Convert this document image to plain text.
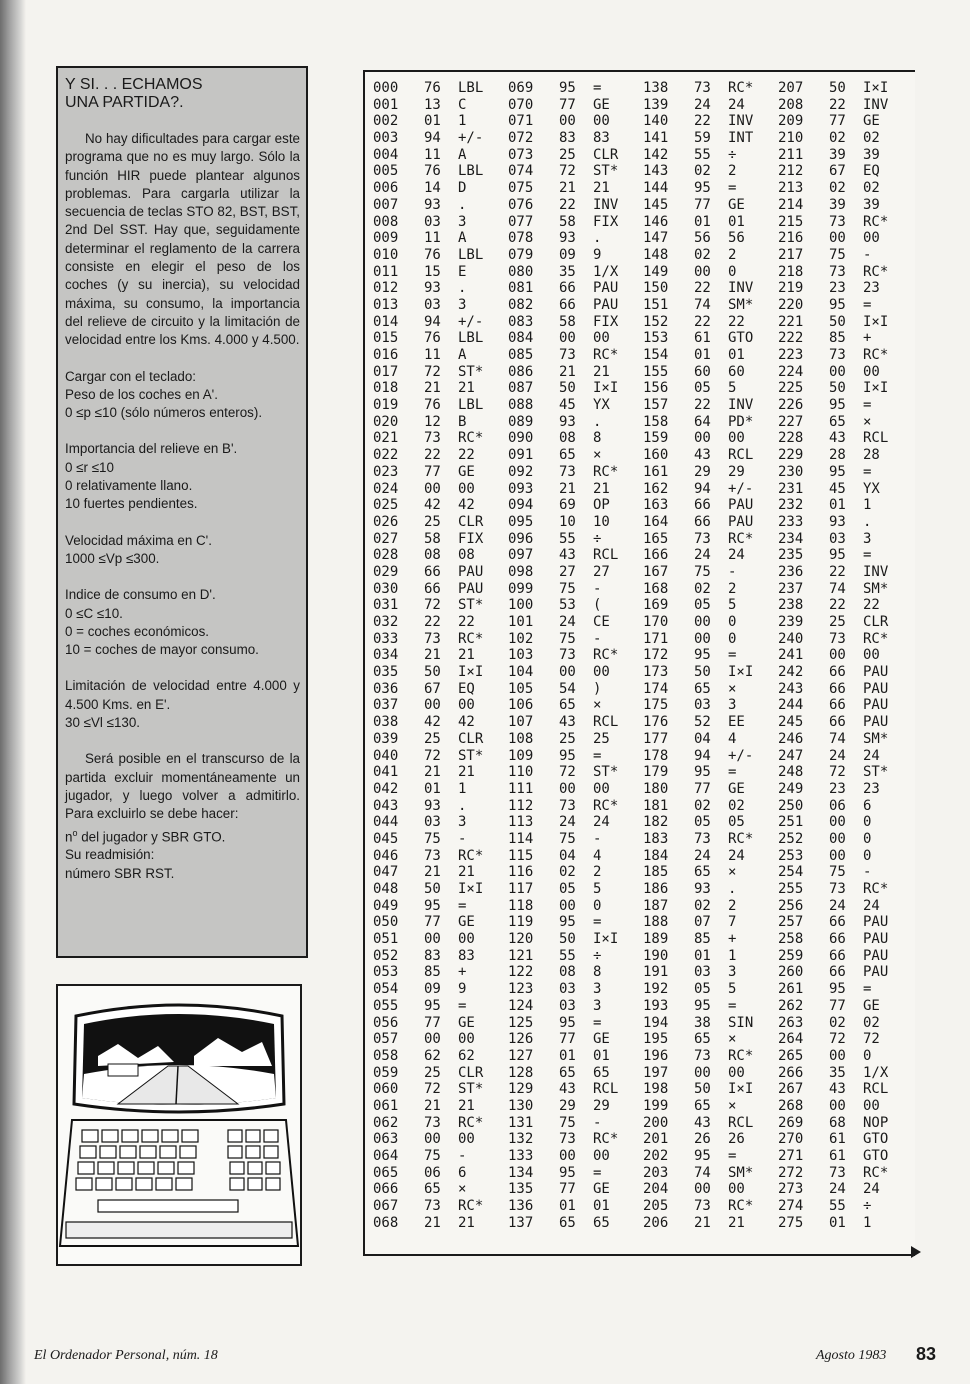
Y SI. . . ECHAMOS
UNA PARTIDA?.

No hay dificultades para cargar este programa que no es muy largo. Sólo la función HIR puede plantear algunos problemas. Para cargarla utilizar la secuencia de teclas STO 82, BST, BST, 2nd Del SST. Hay que, seguidamente determinar el reglamento de la carrera consiste en elegir el peso de los coches (y su inercia), su velocidad máxima, su consumo, la importancia del relieve de circuito y la limitación de velocidad entre los Kms. 4.000 y 4.500.

Cargar con el teclado:
Peso de los coches en A'.
0 ≤p ≤10 (sólo números enteros).

Importancia del relieve en B'.
0 ≤r ≤10
0 relativamente llano.
10 fuertes pendientes.

Velocidad máxima en C'.
1000 ≤Vp ≤300.

Indice de consumo en D'.
0 ≤C ≤10.
0 = coches económicos.
10 = coches de mayor consumo.

Limitación de velocidad entre 4.000 y 4.500 Kms. en E'.
30 ≤Vl ≤130.

Será posible en el transcurso de la partida excluir momentáneamente un jugador, y luego volver a admitirlo. Para excluirlo se debe hacer:
$n^o$ del jugador y SBR GTO.
Su readmisión:
número SBR RST.

000 76 LBL
001 13 C
002 01 1
003 94 +/-
004 11 A
005 76 LBL
006 14 D
007 93 .
008 03 3
009 11 A
010 76 LBL
011 15 E
012 93 .
013 03 3
014 94 +/-
015 76 LBL
016 11 A
017 72 ST*
018 21 21
019 76 LBL
020 12 B
021 73 RC*
022 22 22
023 77 GE
024 00 00
025 42 42
026 25 CLR
027 58 FIX
028 08 08
029 66 PAU
030 66 PAU
031 72 ST*
032 22 22
033 73 RC*
034 21 21
035 50 I×I
036 67 EQ
037 00 00
038 42 42
039 25 CLR
040 72 ST*
041 21 21
042 01 1
043 93 .
044 03 3
045 75 -
046 73 RC*
047 21 21
048 50 I×I
049 95 =
050 77 GE
051 00 00
052 83 83
053 85 +
054 09 9
055 95 =
056 77 GE
057 00 00
058 62 62
059 25 CLR
060 72 ST*
061 21 21
062 73 RC*
063 00 00
064 75 -
065 06 6
066 65 ×
067 73 RC*
068 21 21
069 95 =
070 77 GE
071 00 00
072 83 83
073 25 CLR
074 72 ST*
075 21 21
076 22 INV
077 58 FIX
078 93 .
079 09 9
080 35 1/X
081 66 PAU
082 66 PAU
083 58 FIX
084 00 00
085 73 RC*
086 21 21
087 50 I×I
088 45 YX
089 93 .
090 08 8
091 65 ×
092 73 RC*
093 21 21
094 69 OP
095 10 10
096 55 ÷
097 43 RCL
098 27 27
099 75 -
100 53 (
101 24 CE
102 75 -
103 73 RC*
104 00 00
105 54 )
106 65 ×
107 43 RCL
108 25 25
109 95 =
110 72 ST*
111 00 00
112 73 RC*
113 24 24
114 75 -
115 04 4
116 02 2
117 05 5
118 00 0
119 95 =
120 50 I×I
121 55 ÷
122 08 8
123 03 3
124 03 3
125 95 =
126 77 GE
127 01 01
128 65 65
129 43 RCL
130 29 29
131 75 -
132 73 RC*
133 00 00
134 95 =
135 77 GE
136 01 01
137 65 65
138 73 RC*
139 24 24
140 22 INV
141 59 INT
142 55 ÷
143 02 2
144 95 =
145 77 GE
146 01 01
147 56 56
148 02 2
149 00 0
150 22 INV
151 74 SM*
152 22 22
153 61 GTO
154 01 01
155 60 60
156 05 5
157 22 INV
158 64 PD*
159 00 00
160 43 RCL
161 29 29
162 94 +/-
163 66 PAU
164 66 PAU
165 73 RC*
166 24 24
167 75 -
168 02 2
169 05 5
170 00 0
171 00 0
172 95 =
173 50 I×I
174 65 ×
175 03 3
176 52 EE
177 04 4
178 94 +/-
179 95 =
180 77 GE
181 02 02
182 05 05
183 73 RC*
184 24 24
185 65 ×
186 93 .
187 02 2
188 07 7
189 85 +
190 01 1
191 03 3
192 05 5
193 95 =
194 38 SIN
195 65 ×
196 73 RC*
197 00 00
198 50 I×I
199 65 ×
200 43 RCL
201 26 26
202 95 =
203 74 SM*
204 00 00
205 73 RC*
206 21 21
207 50 I×I
208 22 INV
209 77 GE
210 02 02
211 39 39
212 67 EQ
213 02 02
214 39 39
215 73 RC*
216 00 00
217 75 -
218 73 RC*
219 23 23
220 95 =
221 50 I×I
222 85 +
223 73 RC*
224 00 00
225 50 I×I
226 95 =
227 65 ×
228 43 RCL
229 28 28
230 95 =
231 45 YX
232 01 1
233 93 .
234 03 3
235 95 =
236 22 INV
237 74 SM*
238 22 22
239 25 CLR
240 73 RC*
241 00 00
242 66 PAU
243 66 PAU
244 66 PAU
245 66 PAU
246 74 SM*
247 24 24
248 72 ST*
249 23 23
250 06 6
251 00 0
252 00 0
253 00 0
254 75 -
255 73 RC*
256 24 24
257 66 PAU
258 66 PAU
259 66 PAU
260 66 PAU
261 95 =
262 77 GE
263 02 02
264 72 72
265 00 0
266 35 1/X
267 43 RCL
268 00 00
269 68 NOP
270 61 GTO
271 61 GTO
272 73 RC*
273 24 24
274 55 ÷
275 01 1
El Ordenador Personal, núm. 18	Agosto 1983 83
